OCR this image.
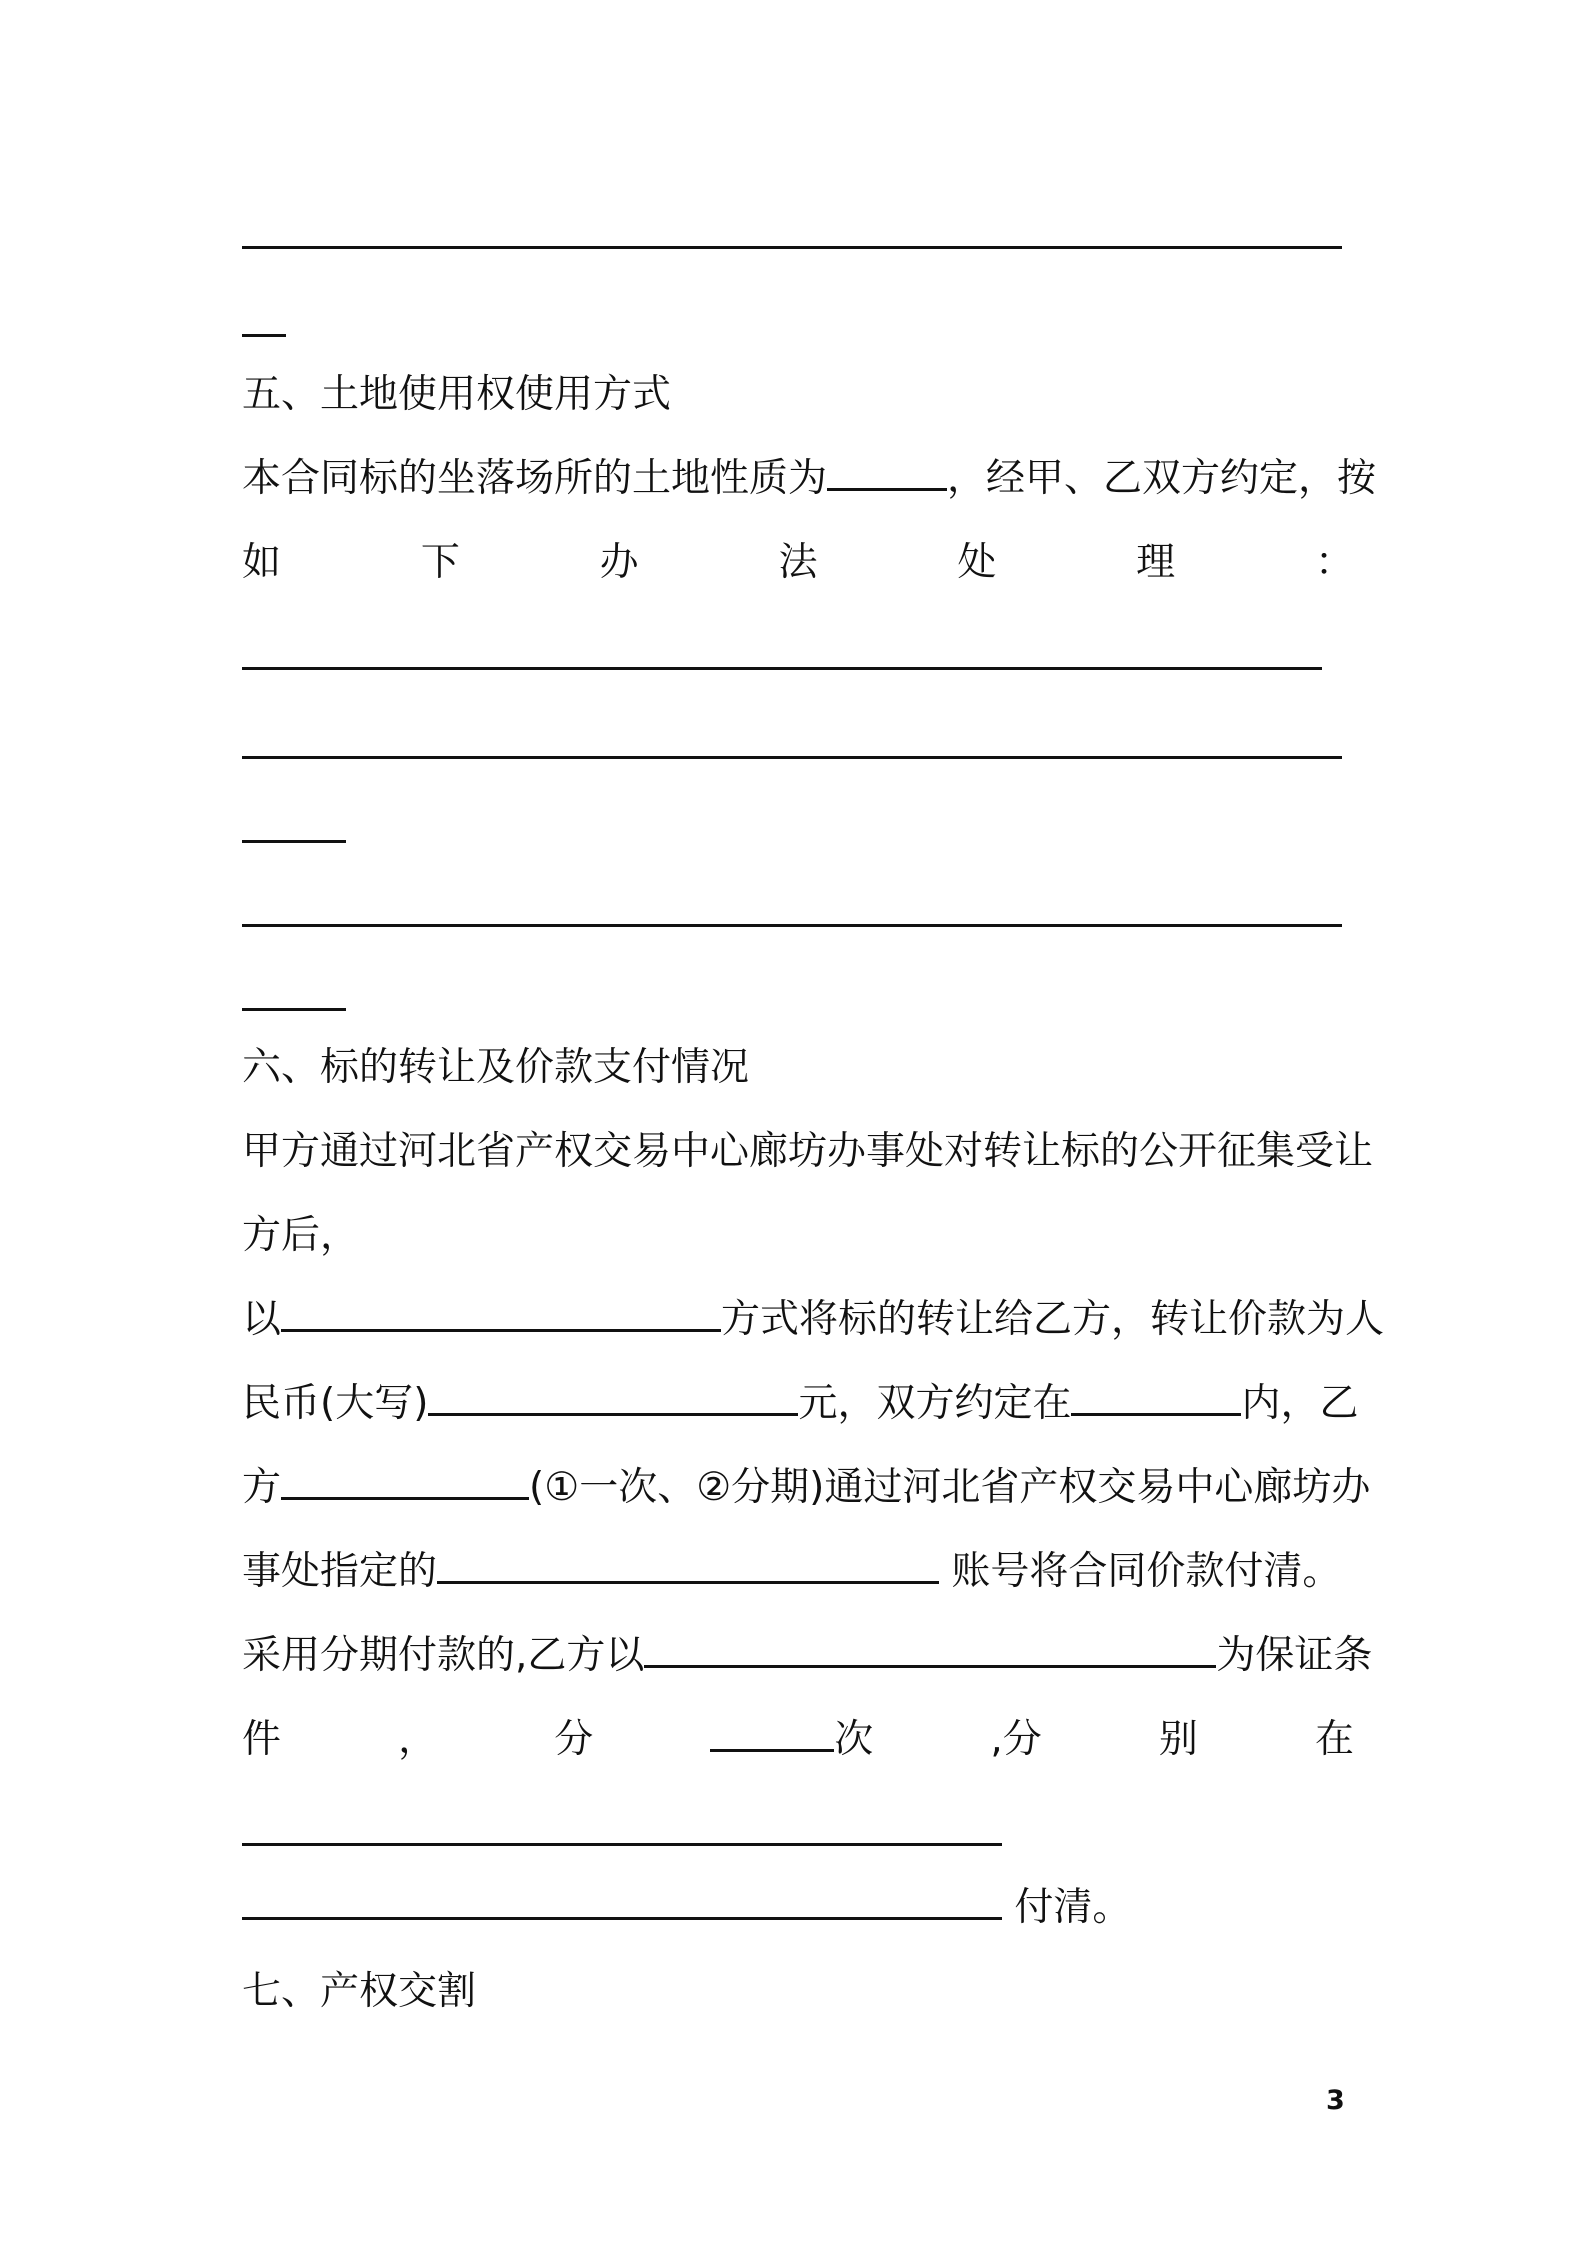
五、土地使用权使用方式
本合同标的坐落场所的土地性质为	，经甲、乙双方约定，按
如	下	办	法	处	理	：
六、标的转让及价款支付情况
甲方通过河北省产权交易中心廊坊办事处对转让标的公开征集受让
方后，
以	方式将标的转让给乙方，转让价款为人
民币(大写)	元，双方约定在	内，乙
方	(①一次、②分期)通过河北省产权交易中心廊坊办
事处指定的	账号将合同价款付清。
采用分期付款的,乙方以	为保证条
件	，	分	次	,分	别	在
付清。
七、产权交割
3
